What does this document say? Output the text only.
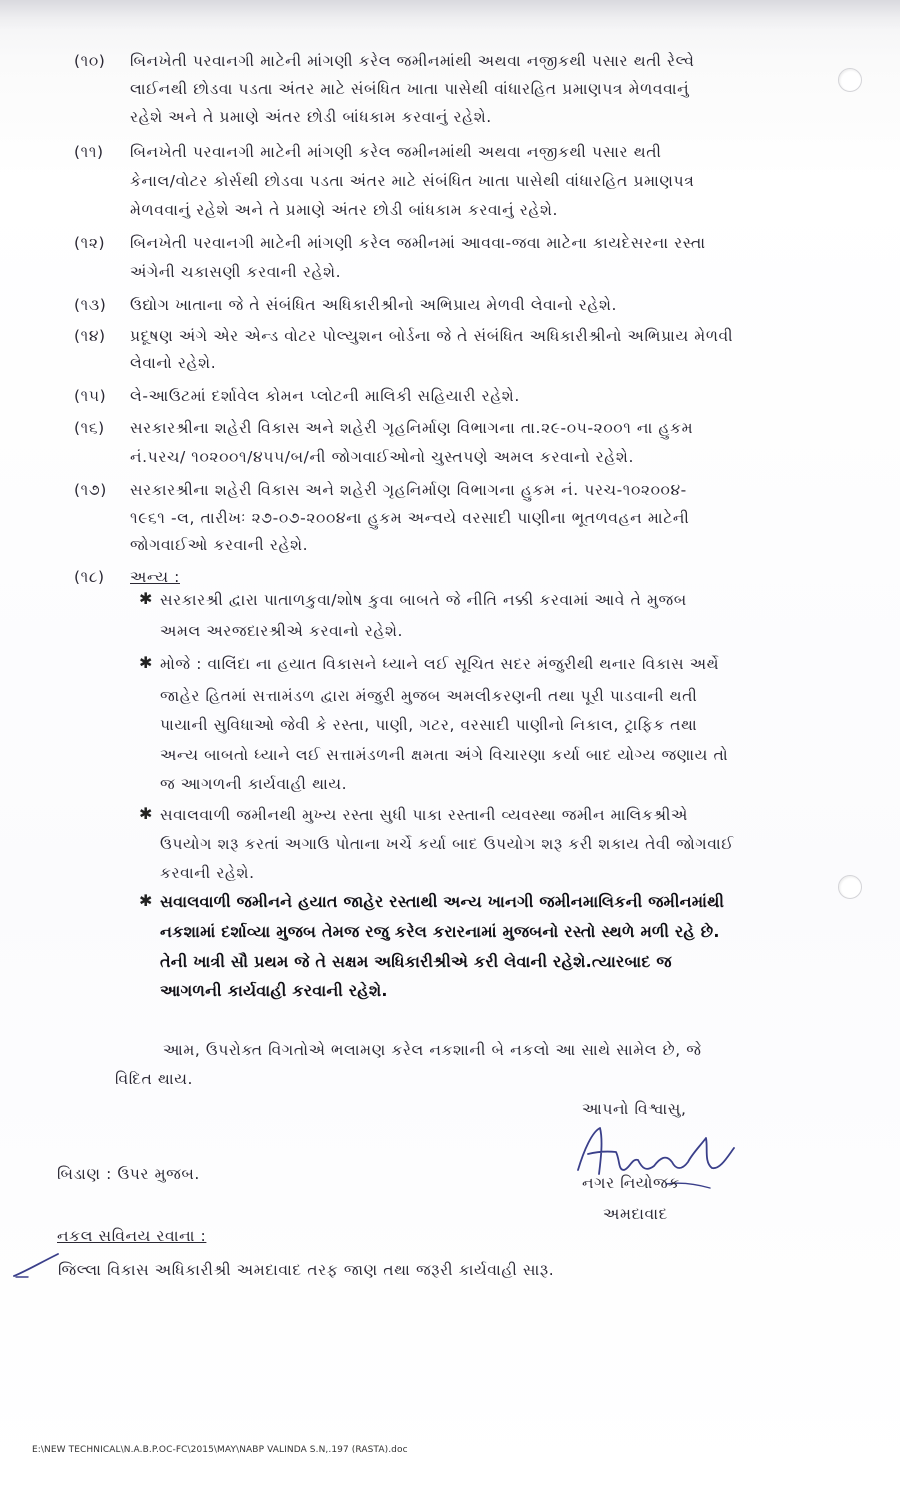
(૧૦) બિનખેતી પરવાનગી માટેની માંગણી કરેલ જમીનમાંથી અથવા નજીકથી પસાર થતી રેલ્વે
લાઈનથી છોડવા પડતા અંતર માટે સંબંધિત ખાતા પાસેથી વાંધારહિત પ્રમાણપત્ર મેળવવાનું
રહેશે અને તે પ્રમાણે અંતર છોડી બાંધકામ કરવાનું રહેશે.
(૧૧) બિનખેતી પરવાનગી માટેની માંગણી કરેલ જમીનમાંથી અથવા નજીકથી પસાર થતી
કેનાલ/વોટર કોર્સથી છોડવા પડતા અંતર માટે સંબંધિત ખાતા પાસેથી વાંધારહિત પ્રમાણપત્ર
મેળવવાનું રહેશે અને તે પ્રમાણે અંતર છોડી બાંધકામ કરવાનું રહેશે.
(૧૨) બિનખેતી પરવાનગી માટેની માંગણી કરેલ જમીનમાં આવવા-જવા માટેના કાયદેસરના રસ્તા
અંગેની ચકાસણી કરવાની રહેશે.
(૧૩) ઉદ્યોગ ખાતાના જે તે સંબંધિત અધિકારીશ્રીનો અભિપ્રાય મેળવી લેવાનો રહેશે.
(૧૪) પ્રદૂષણ અંગે એર એન્ડ વોટર પોલ્યુશન બોર્ડના જે તે સંબંધિત અધિકારીશ્રીનો અભિપ્રાય મેળવી
લેવાનો રહેશે.
(૧૫) લે-આઉટમાં દર્શાવેલ કોમન પ્લોટની માલિકી સહિયારી રહેશે.
(૧૬) સરકારશ્રીના શહેરી વિકાસ અને શહેરી ગૃહનિર્માણ વિભાગના તા.૨૯-૦૫-૨૦૦૧ ના હુકમ
નં.પરચ/ ૧૦૨૦૦૧/૪૫૫/બ/ની જોગવાઈઓનો ચુસ્તપણે અમલ કરવાનો રહેશે.
(૧૭) સરકારશ્રીના શહેરી વિકાસ અને શહેરી ગૃહનિર્માણ વિભાગના હુકમ નં. પરચ-૧૦૨૦૦૪-
૧૯૬૧ -લ, તારીખઃ ૨૭-૦૭-૨૦૦૪ના હુકમ અન્વયે વરસાદી પાણીના ભૂતળવહન માટેની
જોગવાઈઓ કરવાની રહેશે.
(૧૮) અન્ય :
✱ સરકારશ્રી દ્વારા પાતાળકુવા/શોષ કુવા બાબતે જે નીતિ નક્કી કરવામાં આવે તે મુજબ
અમલ અરજદારશ્રીએ કરવાનો રહેશે.
✱ મોજે : વાલિંદા ના હયાત વિકાસને ધ્યાને લઈ સૂચિત સદર મંજુરીથી થનાર વિકાસ અર્થે
જાહેર હિતમાં સત્તામંડળ દ્વારા મંજુરી મુજબ અમલીકરણની તથા પૂરી પાડવાની થતી
પાયાની સુવિધાઓ જેવી કે રસ્તા, પાણી, ગટર, વરસાદી પાણીનો નિકાલ, ટ્રાફિક તથા
અન્ય બાબતો ધ્યાને લઈ સત્તામંડળની ક્ષમતા અંગે વિચારણા કર્યા બાદ યોગ્ય જણાય તો
જ આગળની કાર્યવાહી થાય.
✱ સવાલવાળી જમીનથી મુખ્ય રસ્તા સુધી પાકા રસ્તાની વ્યવસ્થા જમીન માલિકશ્રીએ
ઉપયોગ શરૂ કરતાં અગાઉ પોતાના ખર્ચે કર્યા બાદ ઉપયોગ શરૂ કરી શકાય તેવી જોગવાઈ
કરવાની રહેશે.
✱ સવાલવાળી જમીનને હયાત જાહેર રસ્તાથી અન્ય ખાનગી જમીનમાલિકની જમીનમાંથી
નકશામાં દર્શાવ્યા મુજબ તેમજ રજુ કરેલ કરારનામાં મુજબનો રસ્તો સ્થળે મળી રહે છે.
તેની ખાત્રી સૌ પ્રથમ જે તે સક્ષમ અધિકારીશ્રીએ કરી લેવાની રહેશે.ત્યારબાદ જ
આગળની કાર્યવાહી કરવાની રહેશે.
આમ, ઉપરોક્ત વિગતોએ ભલામણ કરેલ નકશાની બે નકલો આ સાથે સામેલ છે, જે
વિદિત થાય.
આપનો વિશ્વાસુ,
નગર નિયોજક
અમદાવાદ
બિડાણ : ઉપર મુજબ.
નકલ સવિનય રવાના :
જિલ્લા વિકાસ અધિકારીશ્રી અમદાવાદ તરફ જાણ તથા જરૂરી કાર્યવાહી સારૂ.
E:\NEW TECHNICAL\N.A.B.P.OC-FC\2015\MAY\NABP VALINDA S.N,.197 (RASTA).doc
